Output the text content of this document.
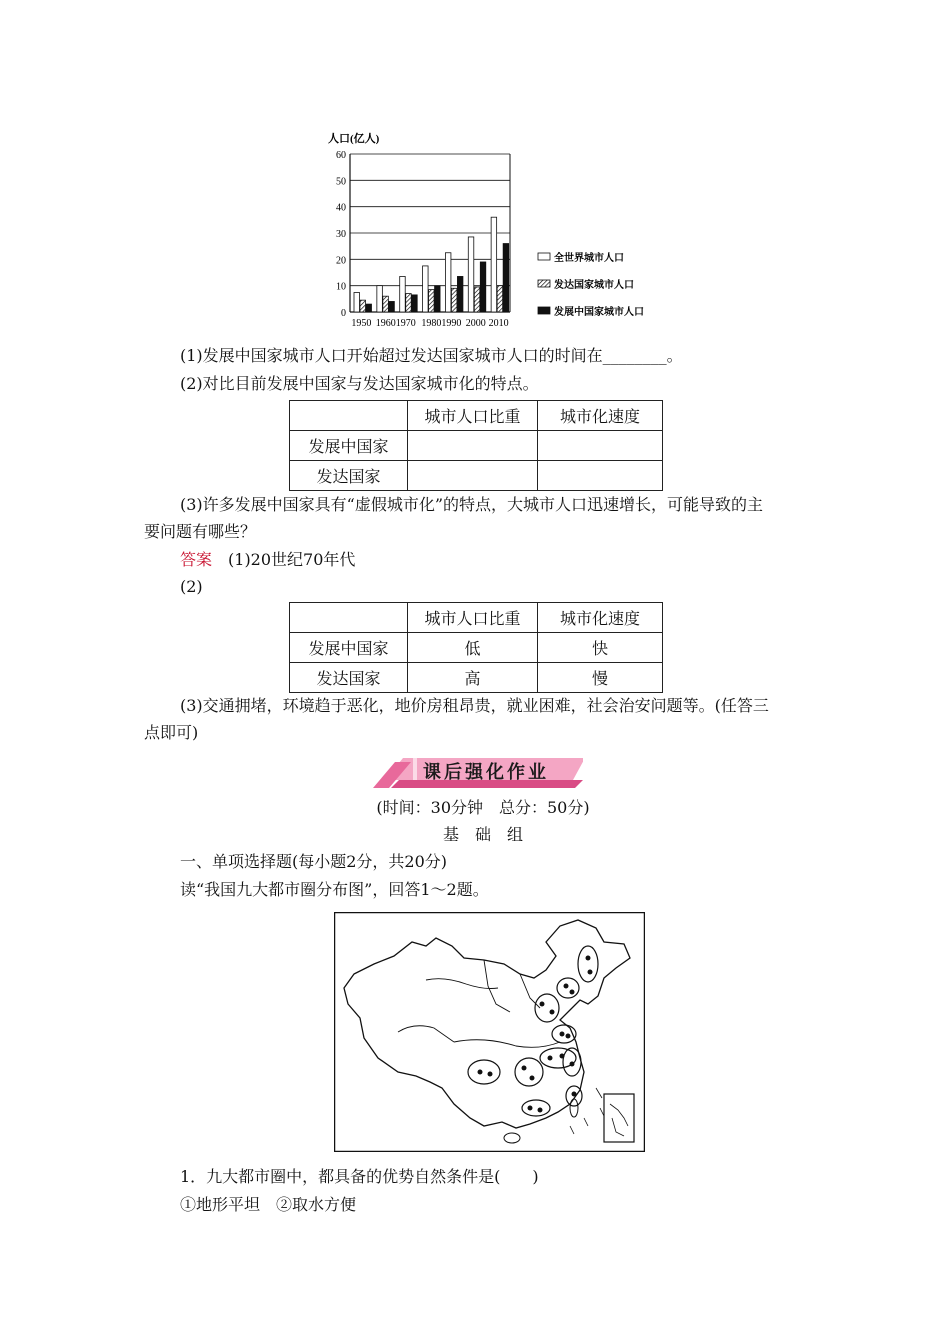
人口(亿人)
0
10
20
30
40
50
60
1950 19601970 19801990 2000 2010
全世界城市人口
发达国家城市人口
发展中国家城市人口
(1)发展中国家城市人口开始超过发达国家城市人口的时间在________。
(2)对比目前发展中国家与发达国家城市化的特点。
	城市人口比重	城市化速度
发展中国家		
发达国家		
(3)许多发展中国家具有“虚假城市化”的特点，大城市人口迅速增长，可能导致的主
要问题有哪些？
答案 (1)20世纪70年代
(2)
	城市人口比重	城市化速度
发展中国家	低	快
发达国家	高	慢
(3)交通拥堵，环境趋于恶化，地价房租昂贵，就业困难，社会治安问题等。(任答三
点即可)
课后强化作业
(时间：30分钟　总分：50分)
基　础　组
一、单项选择题(每小题2分，共20分)
读“我国九大都市圈分布图”，回答1～2题。
1．九大都市圈中，都具备的优势自然条件是(　　)
①地形平坦　②取水方便
